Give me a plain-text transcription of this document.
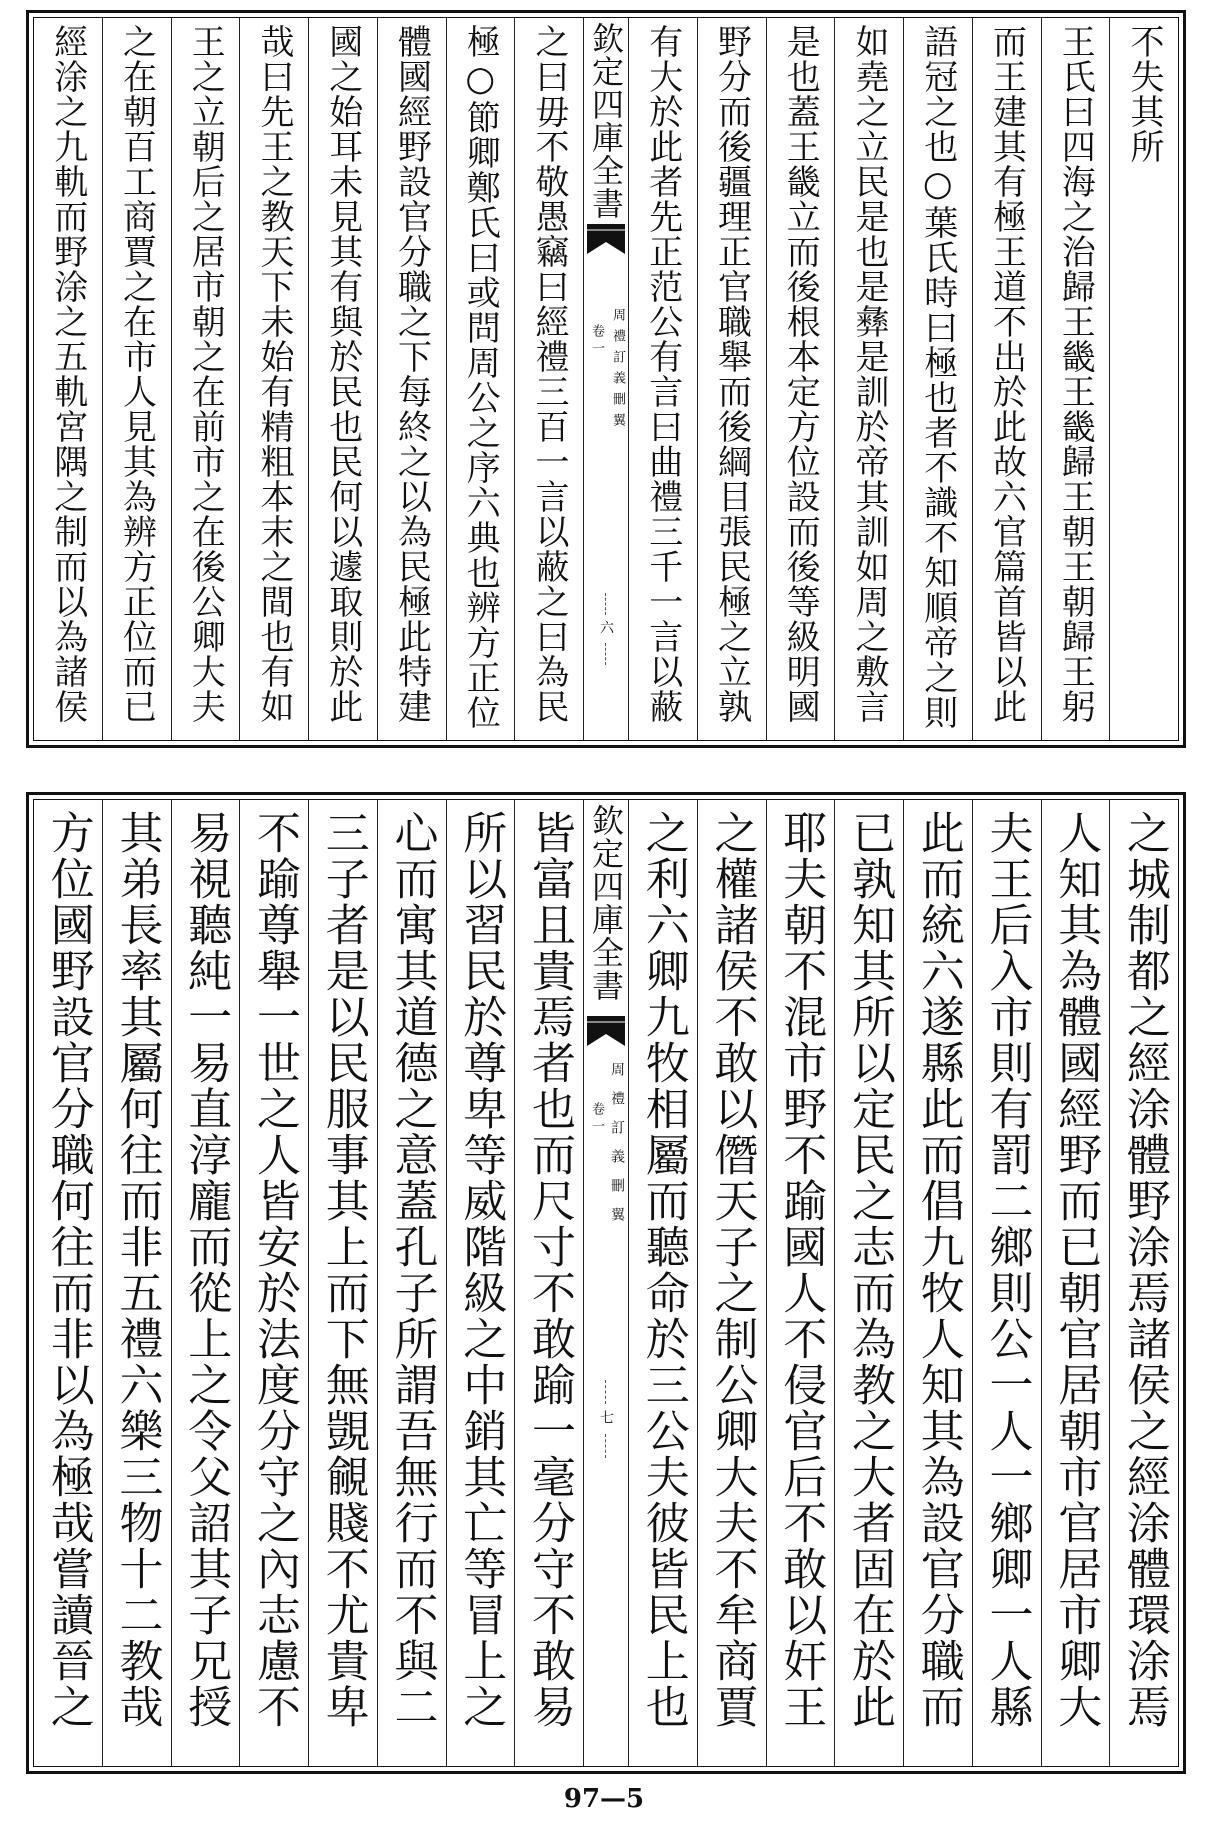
不失其所
王氏曰四海之治歸王畿王畿歸王朝王朝歸王躬
而王建其有極王道不出於此故六官篇首皆以此
語冠之也○葉氏時曰極也者不識不知順帝之則
如堯之立民是也是彝是訓於帝其訓如周之敷言
是也蓋王畿立而後根本定方位設而後等級明國
野分而後疆理正官職舉而後綱目張民極之立孰
有大於此者先正范公有言曰曲禮三千一言以蔽
欽定四庫全書
周禮訂義刪翼
卷一
六
之曰毋不敬愚竊曰經禮三百一言以蔽之曰為民
極○節卿鄭氏曰或問周公之序六典也辨方正位
體國經野設官分職之下每終之以為民極此特建
國之始耳未見其有與於民也民何以遽取則於此
哉曰先王之教天下未始有精粗本末之間也有如
王之立朝后之居市朝之在前市之在後公卿大夫
之在朝百工商賈之在市人見其為辨方正位而已
經涂之九軌而野涂之五軌宮隅之制而以為諸侯
之城制都之經涂體野涂焉諸侯之經涂體環涂焉
人知其為體國經野而已朝官居朝市官居市卿大
夫王后入市則有罰二鄉則公一人一鄉卿一人縣
此而統六遂縣此而倡九牧人知其為設官分職而
已孰知其所以定民之志而為教之大者固在於此
耶夫朝不混市野不踰國人不侵官后不敢以奸王
之權諸侯不敢以僭天子之制公卿大夫不牟商賈
之利六卿九牧相屬而聽命於三公夫彼皆民上也
欽定四庫全書
周禮訂義刪翼
卷一
七
皆富且貴焉者也而尺寸不敢踰一毫分守不敢易
所以習民於尊卑等威階級之中銷其亡等冒上之
心而寓其道德之意蓋孔子所謂吾無行而不與二
三子者是以民服事其上而下無覬覦賤不尤貴卑
不踰尊舉一世之人皆安於法度分守之內志慮不
易視聽純一易直淳龐而從上之令父詔其子兄授
其弟長率其屬何往而非五禮六樂三物十二教哉
方位國野設官分職何往而非以為極哉嘗讀晉之
97—5
